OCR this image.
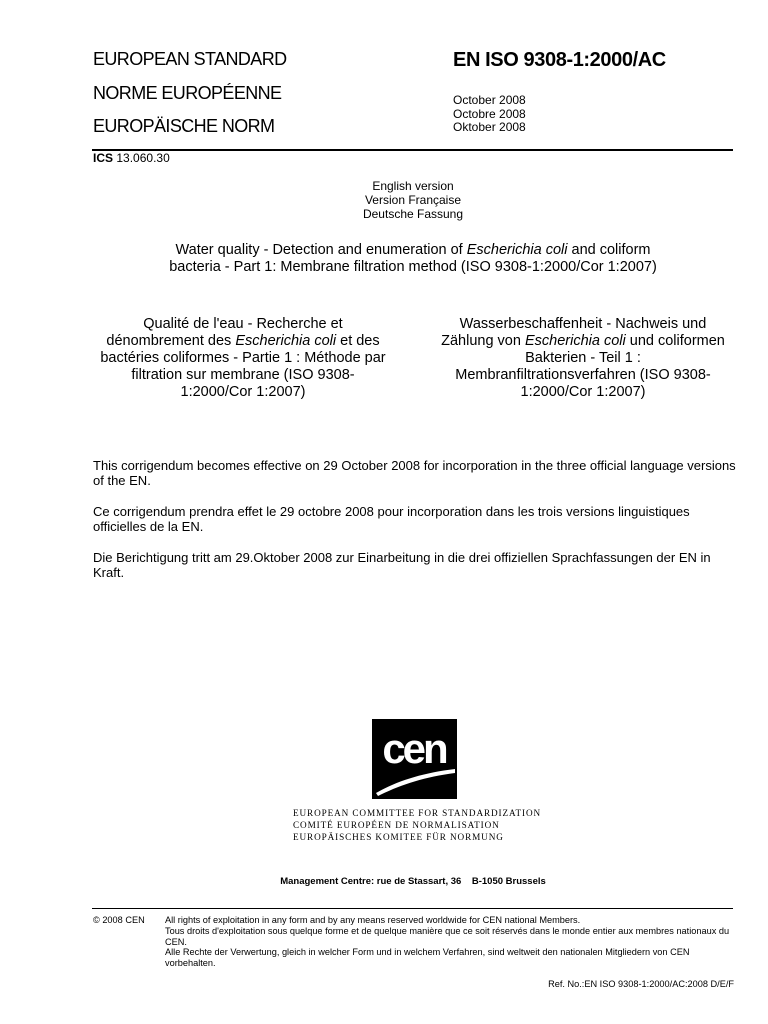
EUROPEAN STANDARD
NORME EUROPÉENNE
EUROPÄISCHE NORM
EN ISO 9308-1:2000/AC
October 2008
Octobre 2008
Oktober 2008
ICS 13.060.30
English version
Version Française
Deutsche Fassung
Water quality - Detection and enumeration of Escherichia coli and coliform bacteria - Part 1: Membrane filtration method (ISO 9308-1:2000/Cor 1:2007)
Qualité de l'eau - Recherche et dénombrement des Escherichia coli et des bactéries coliformes - Partie 1 : Méthode par filtration sur membrane (ISO 9308-1:2000/Cor 1:2007)
Wasserbeschaffenheit - Nachweis und Zählung von Escherichia coli und coliformen Bakterien - Teil 1 : Membranfiltrationsverfahren (ISO 9308-1:2000/Cor 1:2007)
This corrigendum becomes effective on 29 October 2008 for incorporation in the three official language versions of the EN.
Ce corrigendum prendra effet le 29 octobre 2008 pour incorporation dans les trois versions linguistiques officielles de la EN.
Die Berichtigung tritt am 29.Oktober 2008 zur Einarbeitung in die drei offiziellen Sprachfassungen der EN in Kraft.
cen
EUROPEAN COMMITTEE FOR STANDARDIZATION
COMITÉ EUROPÉEN DE NORMALISATION
EUROPÄISCHES KOMITEE FÜR NORMUNG
Management Centre: rue de Stassart, 36    B-1050 Brussels
© 2008 CEN All rights of exploitation in any form and by any means reserved worldwide for CEN national Members.
Tous droits d'exploitation sous quelque forme et de quelque manière que ce soit réservés dans le monde entier aux membres nationaux du CEN.
Alle Rechte der Verwertung, gleich in welcher Form und in welchem Verfahren, sind weltweit den nationalen Mitgliedern von CEN vorbehalten.
Ref. No.:EN ISO 9308-1:2000/AC:2008 D/E/F
